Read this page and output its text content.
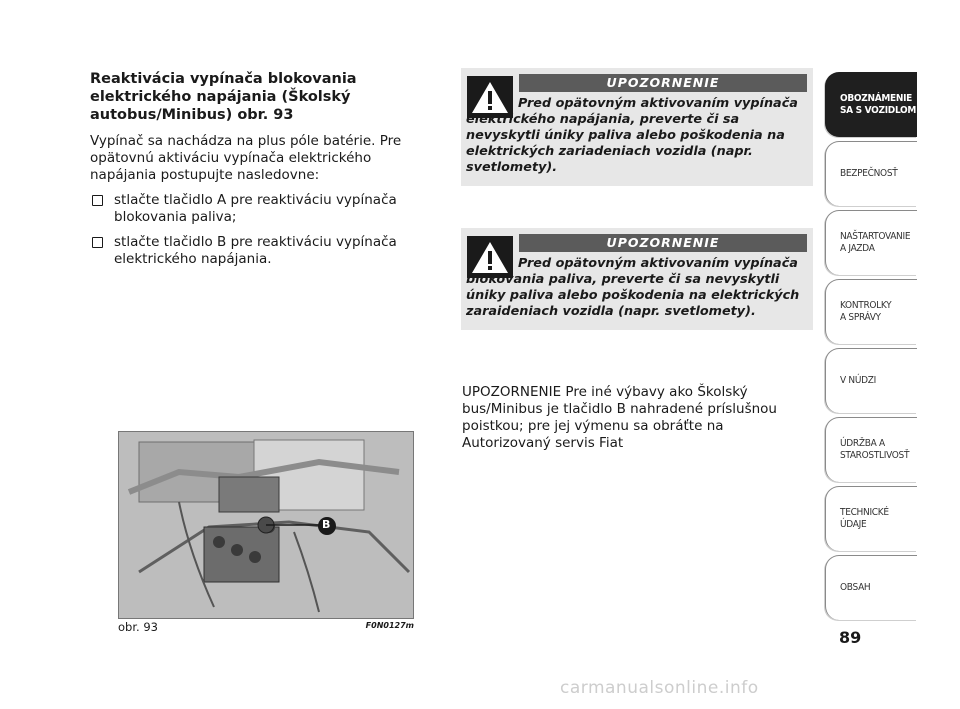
Reaktivácia vypínača blokovania elektrického napájania (Školský autobus/Minibus) obr. 93

Vypínač sa nachádza na plus póle batérie. Pre opätovnú aktiváciu vypínača elektrického napájania postupujte nasledovne:

stlačte tlačidlo A pre reaktiváciu vypínača blokovania paliva;
stlačte tlačidlo B pre reaktiváciu vypínača elektrického napájania.
UPOZORNENIE
Pred opätovným aktivovaním vypínača elektrického napájania, preverte či sa nevyskytli úniky paliva alebo poškodenia na elektrických zariadeniach vozidla (napr. svetlomety).
UPOZORNENIE
Pred opätovným aktivovaním vypínača blokovania paliva, preverte či sa nevyskytli úniky paliva alebo poškodenia na elektrických zaraideniach vozidla (napr. svetlomety).

UPOZORNENIE Pre iné výbavy ako Školský bus/Minibus je tlačidlo B nahradené príslušnou poistkou; pre jej výmenu sa obráťte na Autorizovaný servis Fiat

B
obr. 93	F0N0127m
OBOZNÁMENIE
SA S VOZIDLOM
BEZPEČNOSŤ
NAŠTARTOVANIE
A JAZDA
KONTROLKY
A SPRÁVY
V NÚDZI
ÚDRŽBA A
STAROSTLIVOSŤ
TECHNICKÉ
ÚDAJE
OBSAH
89
carmanualsonline.info
